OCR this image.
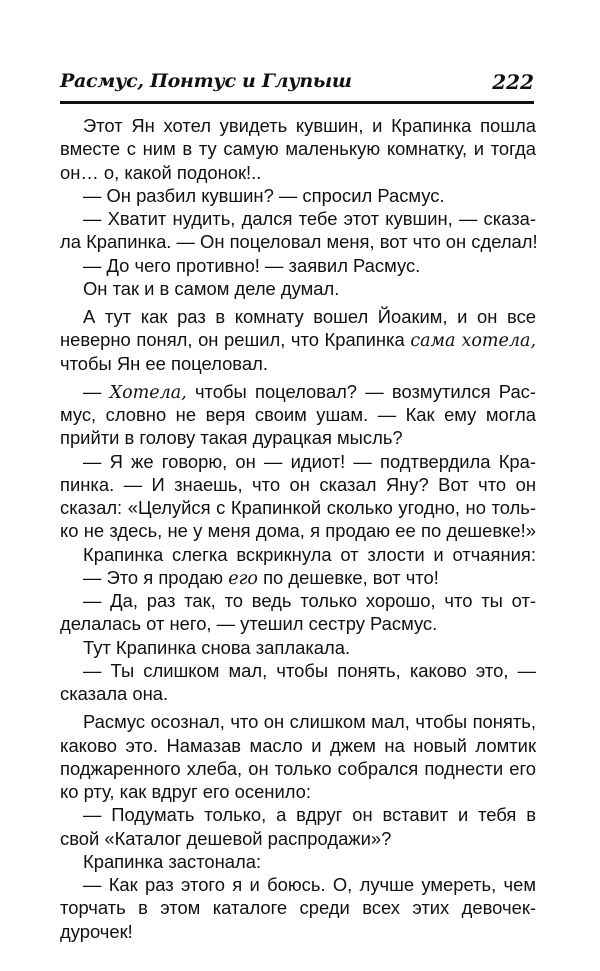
Расмус, Понтус и Глупыш	222
Этот Ян хотел увидеть кувшин, и Крапинка пошла
вместе с ним в ту самую маленькую комнатку, и тогда
он… о, какой подонок!..
— Он разбил кувшин? — спросил Расмус.
— Хватит нудить, дался тебе этот кувшин, — сказа-
ла Крапинка. — Он поцеловал меня, вот что он сделал!
— До чего противно! — заявил Расмус.
Он так и в самом деле думал.
А тут как раз в комнату вошел Йоаким, и он все
неверно понял, он решил, что Крапинка сама хотела,
чтобы Ян ее поцеловал.
— Хотела, чтобы поцеловал? — возмутился Рас-
мус, словно не веря своим ушам. — Как ему могла
прийти в голову такая дурацкая мысль?
— Я же говорю, он — идиот! — подтвердила Кра-
пинка. — И знаешь, что он сказал Яну? Вот что он
сказал: «Целуйся с Крапинкой сколько угодно, но толь-
ко не здесь, не у меня дома, я продаю ее по дешевке!»
Крапинка слегка вскрикнула от злости и отчаяния:
— Это я продаю его по дешевке, вот что!
— Да, раз так, то ведь только хорошо, что ты от-
делалась от него, — утешил сестру Расмус.
Тут Крапинка снова заплакала.
— Ты слишком мал, чтобы понять, каково это, —
сказала она.
Расмус осознал, что он слишком мал, чтобы понять,
каково это. Намазав масло и джем на новый ломтик
поджаренного хлеба, он только собрался поднести его
ко рту, как вдруг его осенило:
— Подумать только, а вдруг он вставит и тебя в
свой «Каталог дешевой распродажи»?
Крапинка застонала:
— Как раз этого я и боюсь. О, лучше умереть, чем
торчать в этом каталоге среди всех этих девочек-
дурочек!
